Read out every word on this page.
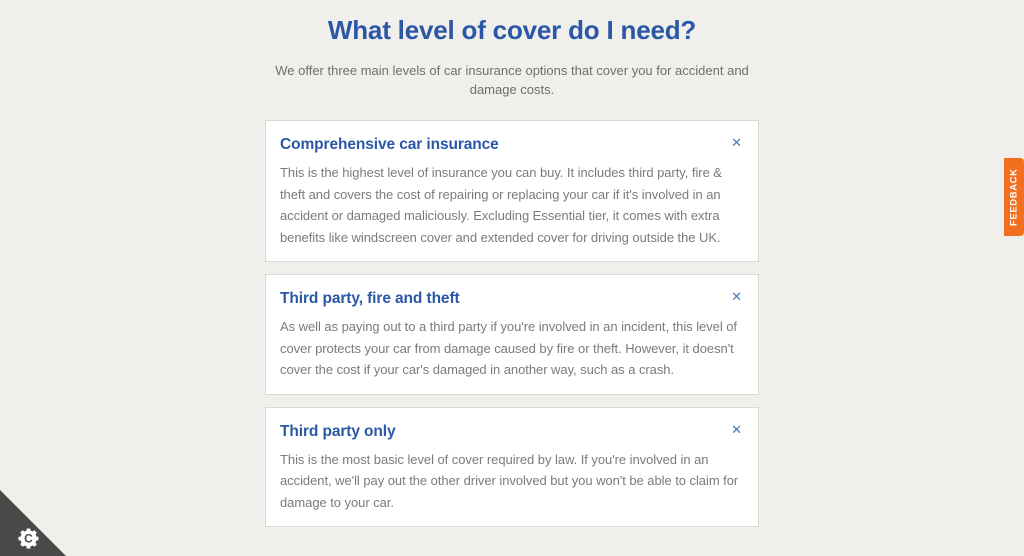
What level of cover do I need?

We offer three main levels of car insurance options that cover you for accident and damage costs.

Comprehensive car insurance	✕

This is the highest level of insurance you can buy. It includes third party, fire & theft and covers the cost of repairing or replacing your car if it's involved in an accident or damaged maliciously. Excluding Essential tier, it comes with extra benefits like windscreen cover and extended cover for driving outside the UK.

Third party, fire and theft	✕

As well as paying out to a third party if you're involved in an incident, this level of cover protects your car from damage caused by fire or theft. However, it doesn't cover the cost if your car's damaged in another way, such as a crash.

Third party only	✕

This is the most basic level of cover required by law. If you're involved in an accident, we'll pay out the other driver involved but you won't be able to claim for damage to your car.

FEEDBACK
C
